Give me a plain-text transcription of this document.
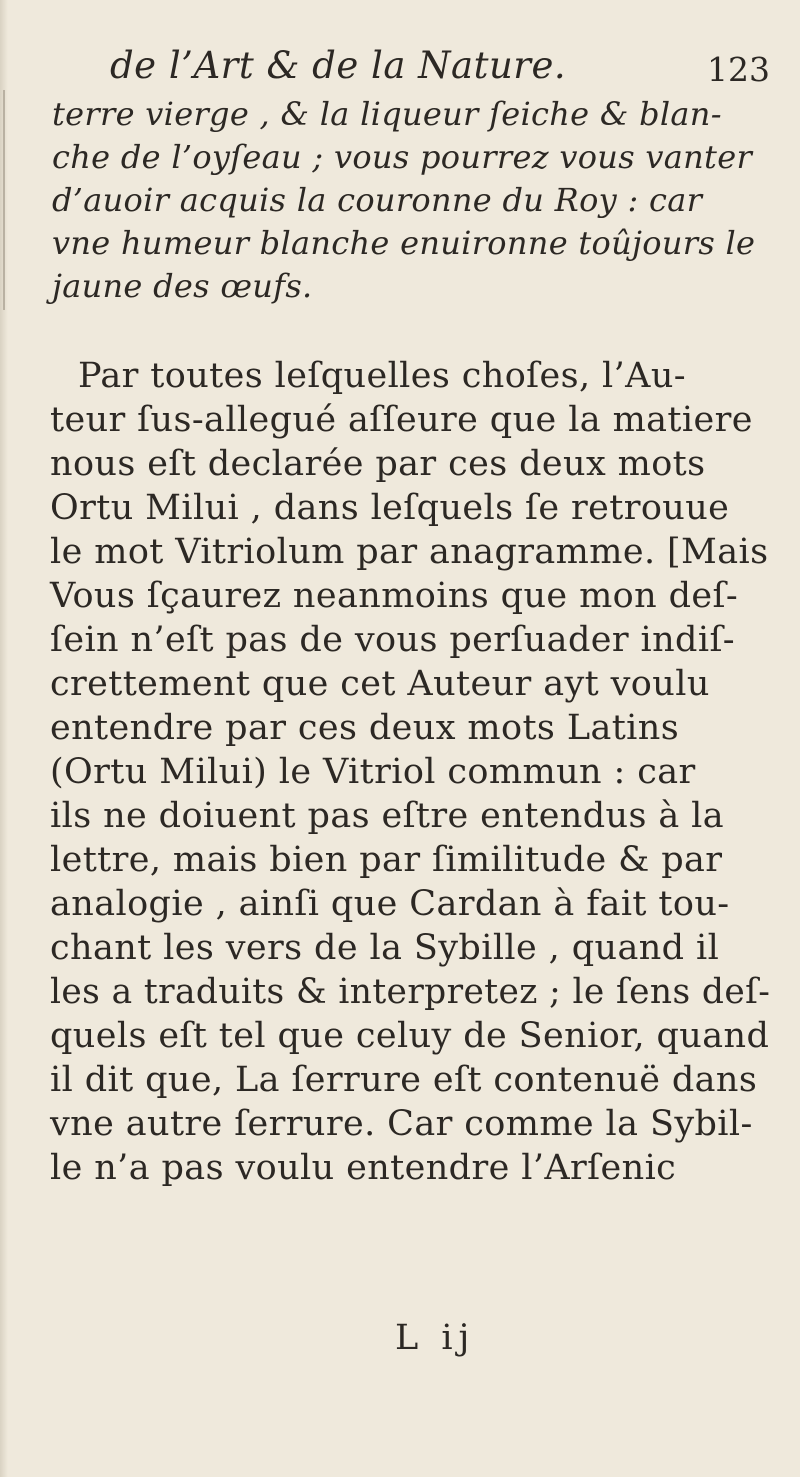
de l’Art & de la Nature.	123
terre vierge , & la liqueur ſeiche & blan-
che de l’oyſeau ; vous pourrez vous vanter
d’auoir acquis la couronne du Roy : car
vne humeur blanche enuironne toûjours le
jaune des œufs.
Par toutes leſquelles choſes, l’Au-
teur ſus-allegué aſſeure que la matiere
nous eſt declarée par ces deux mots
Ortu Milui , dans leſquels ſe retrouue
le mot Vitriolum par anagramme. [Mais
Vous ſçaurez neanmoins que mon deſ-
ſein n’eſt pas de vous perſuader indiſ-
crettement que cet Auteur ayt voulu
entendre par ces deux mots Latins
(Ortu Milui) le Vitriol commun : car
ils ne doiuent pas eſtre entendus à la
lettre, mais bien par ſimilitude & par
analogie , ainſi que Cardan à fait tou-
chant les vers de la Sybille , quand il
les a traduits & interpretez ; le ſens deſ-
quels eſt tel que celuy de Senior, quand
il dit que, La ſerrure eſt contenuë dans
vne autre ſerrure. Car comme la Sybil-
le n’a pas voulu entendre l’Arſenic
L ij
